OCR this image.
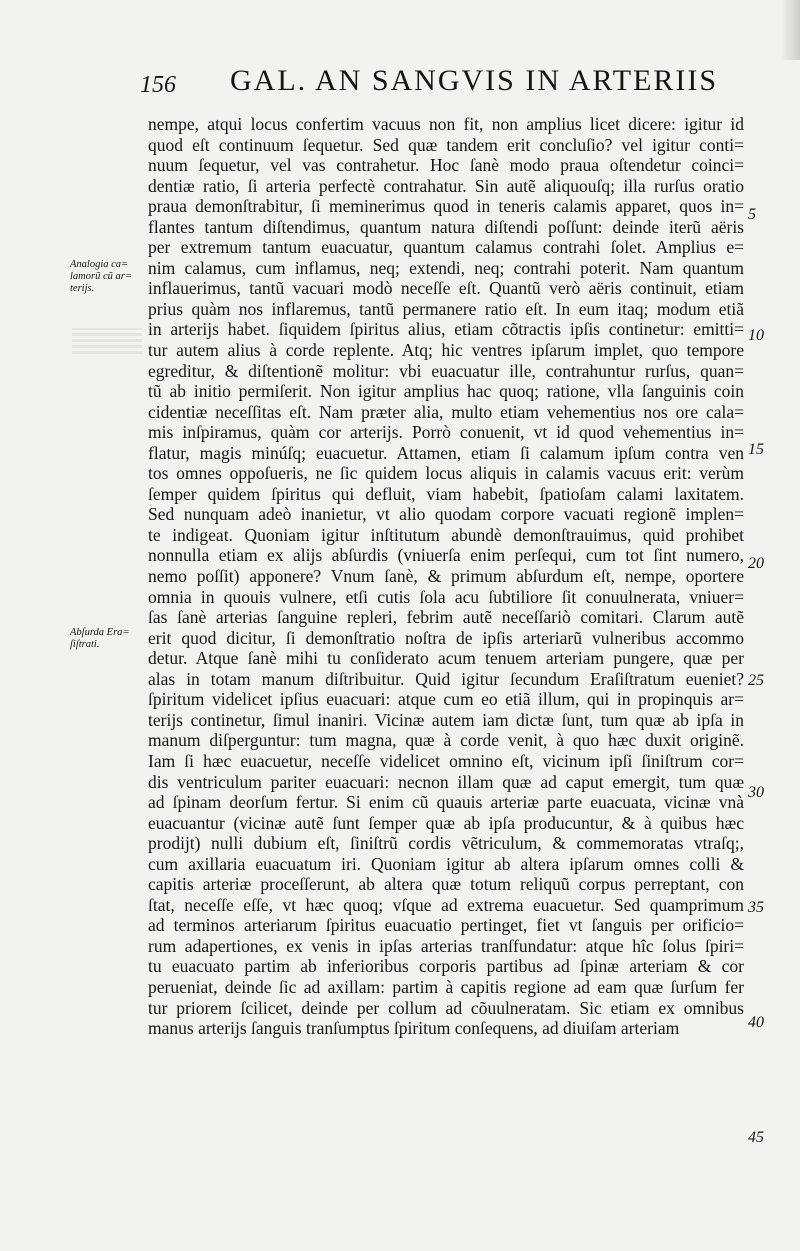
156 GAL. AN SANGVIS IN ARTERIIS
Analogia ca= lamorũ cũ ar= terijs.
Abſurda Era= ſiſtrati.
nempe, atqui locus confertim vacuus non fit, non amplius licet dicere: igitur id
quod eſt continuum ſequetur. Sed quæ tandem erit concluſio? vel igitur conti=
nuum ſequetur, vel vas contrahetur. Hoc ſanè modo praua oſtendetur coinci=
dentiæ ratio, ſi arteria perfectè contrahatur. Sin autẽ aliquouſq; illa rurſus oratio
praua demonſtrabitur, ſi meminerimus quod in teneris calamis apparet, quos in=
flantes tantum diſtendimus, quantum natura diſtendi poſſunt: deinde iterũ aëris
per extremum tantum euacuatur, quantum calamus contrahi ſolet. Amplius e=
nim calamus, cum inflamus, neq; extendi, neq; contrahi poterit. Nam quantum
inflauerimus, tantũ vacuari modò neceſſe eſt. Quantũ verò aëris continuit, etiam
prius quàm nos inflaremus, tantũ permanere ratio eſt. In eum itaq; modum etiã
in arterijs habet. ſiquidem ſpiritus alius, etiam cõtractis ipſis continetur: emitti=
tur autem alius à corde replente. Atq; hic ventres ipſarum implet, quo tempore
egreditur, & diſtentionẽ molitur: vbi euacuatur ille, contrahuntur rurſus, quan=
tũ ab initio permiſerit. Non igitur amplius hac quoq; ratione, vlla ſanguinis coin
cidentiæ neceſſitas eſt. Nam præter alia, multo etiam vehementius nos ore cala=
mis inſpiramus, quàm cor arterijs. Porrò conuenit, vt id quod vehementius in=
flatur, magis minúſq; euacuetur. Attamen, etiam ſi calamum ipſum contra ven
tos omnes oppoſueris, ne ſic quidem locus aliquis in calamis vacuus erit: verùm
ſemper quidem ſpiritus qui defluit, viam habebit, ſpatioſam calami laxitatem.
Sed nunquam adeò inanietur, vt alio quodam corpore vacuati regionẽ implen=
te indigeat. Quoniam igitur inſtitutum abundè demonſtrauimus, quid prohibet
nonnulla etiam ex alijs abſurdis (vniuerſa enim perſequi, cum tot ſint numero,
nemo poſſit) apponere? Vnum ſanè, & primum abſurdum eſt, nempe, oportere
omnia in quouis vulnere, etſi cutis ſola acu ſubtiliore ſit conuulnerata, vniuer=
ſas ſanè arterias ſanguine repleri, febrim autẽ neceſſariò comitari. Clarum autẽ
erit quod dicitur, ſi demonſtratio noſtra de ipſis arteriarũ vulneribus accommo
detur. Atque ſanè mihi tu conſiderato acum tenuem arteriam pungere, quæ per
alas in totam manum diſtribuitur. Quid igitur ſecundum Eraſiſtratum eueniet?
ſpiritum videlicet ipſius euacuari: atque cum eo etiã illum, qui in propinquis ar=
terijs continetur, ſimul inaniri. Vicinæ autem iam dictæ ſunt, tum quæ ab ipſa in
manum diſperguntur: tum magna, quæ à corde venit, à quo hæc duxit originẽ.
Iam ſi hæc euacuetur, neceſſe videlicet omnino eſt, vicinum ipſi ſiniſtrum cor=
dis ventriculum pariter euacuari: necnon illam quæ ad caput emergit, tum quæ
ad ſpinam deorſum fertur. Si enim cũ quauis arteriæ parte euacuata, vicinæ vnà
euacuantur (vicinæ autẽ ſunt ſemper quæ ab ipſa producuntur, & à quibus hæc
prodijt) nulli dubium eſt, ſiniſtrũ cordis vẽtriculum, & commemoratas vtraſq;,
cum axillaria euacuatum iri. Quoniam igitur ab altera ipſarum omnes colli &
capitis arteriæ proceſſerunt, ab altera quæ totum reliquũ corpus perreptant, con
ſtat, neceſſe eſſe, vt hæc quoq; vſque ad extrema euacuetur. Sed quamprimum
ad terminos arteriarum ſpiritus euacuatio pertinget, fiet vt ſanguis per orificio=
rum adapertiones, ex venis in ipſas arterias tranſfundatur: atque hîc ſolus ſpiri=
tu euacuato partim ab inferioribus corporis partibus ad ſpinæ arteriam & cor
perueniat, deinde ſic ad axillam: partim à capitis regione ad eam quæ ſurſum fer
tur priorem ſcilicet, deinde per collum ad cõuulneratam. Sic etiam ex omnibus
manus arterijs ſanguis tranſumptus ſpiritum conſequens, ad diuiſam arteriam
5
10
15
20
25
30
35
40
45
